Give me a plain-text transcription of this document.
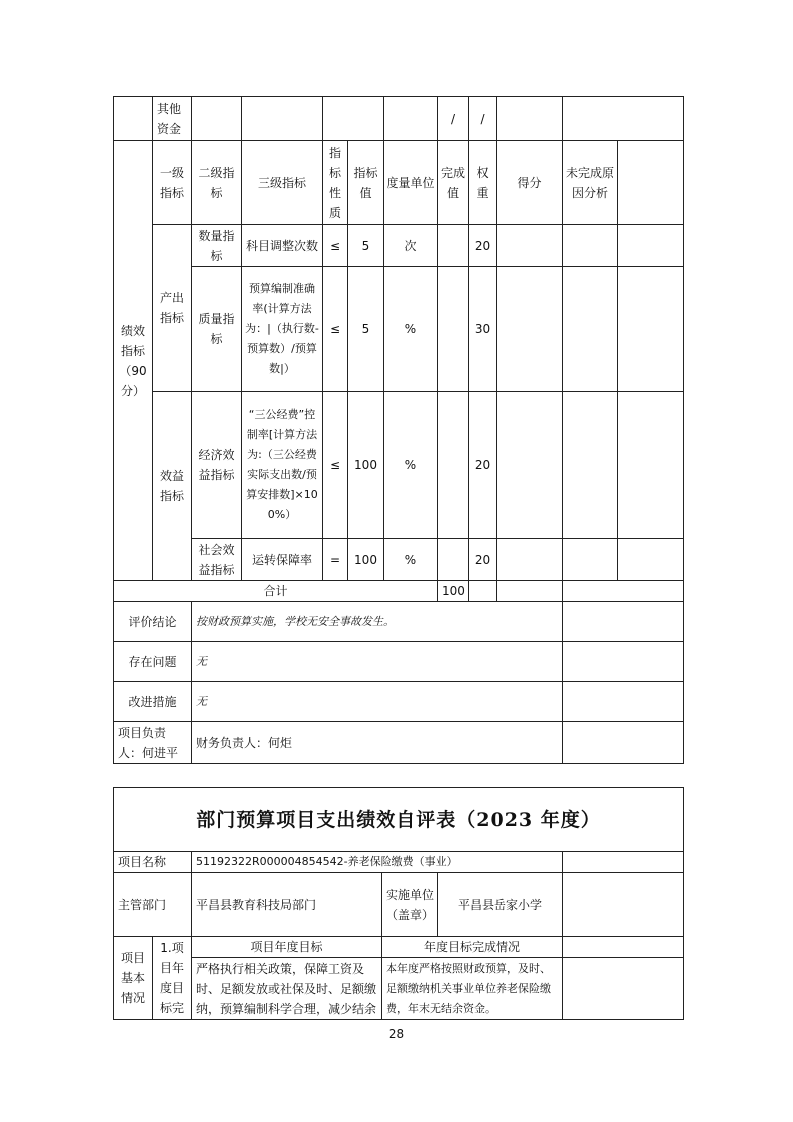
	其他资金						/	/			
绩效指标（90分）	一级指标	二级指标	三级指标	指标性质	指标值	度量单位	完成值	权重	得分	未完成原因分析	
	产出指标	数量指标	科目调整次数	≤	5	次		20			
		质量指标	预算编制准确率(计算方法为：|（执行数-预算数）/预算数|）	≤	5	%		30			
	效益指标	经济效益指标	“三公经费”控制率[计算方法为:（三公经费实际支出数/预算安排数]×100%）	≤	100	%		20			
		社会效益指标	运转保障率	=	100	%		20			
合计							100				
评价结论		按财政预算实施，学校无安全事故发生。									
存在问题		无									
改进措施		无									
项目负责人：何进平		财务负责人：何炬									
部门预算项目支出绩效自评表（2023 年度）					
项目名称		51192322R000004854542-养老保险缴费（事业）			
主管部门		平昌县教育科技局部门	实施单位（盖章）	平昌县岳家小学	
项目基本情况	1.项目年度目标完	项目年度目标	年度目标完成情况		
		严格执行相关政策，保障工资及时、足额发放或社保及时、足额缴纳，预算编制科学合理，减少结余	本年度严格按照财政预算，及时、足额缴纳机关事业单位养老保险缴费，年末无结余资金。		
28
